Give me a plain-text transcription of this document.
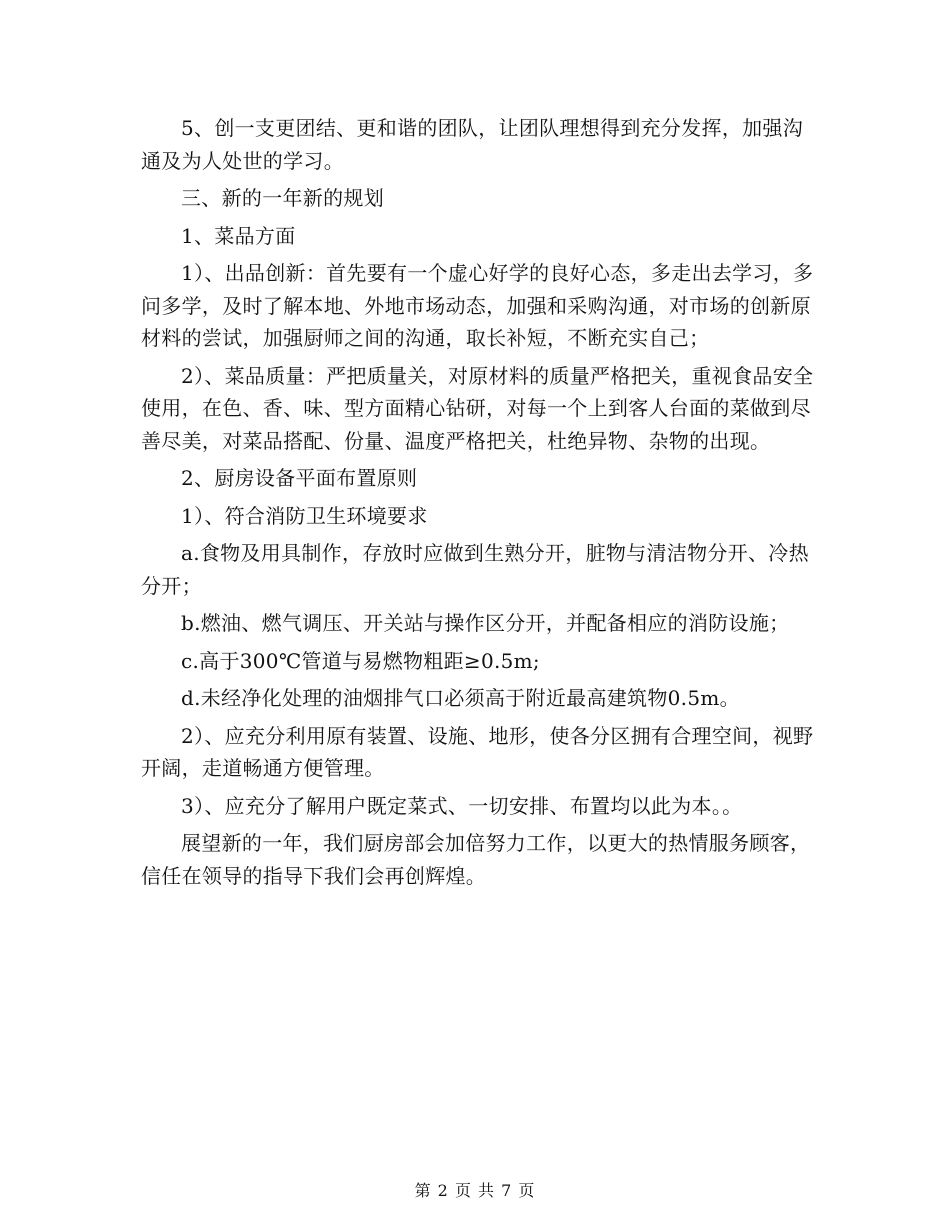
5、创一支更团结、更和谐的团队，让团队理想得到充分发挥，加强沟通及为人处世的学习。

三、新的一年新的规划

1、菜品方面

1）、出品创新：首先要有一个虚心好学的良好心态，多走出去学习，多问多学，及时了解本地、外地市场动态，加强和采购沟通，对市场的创新原材料的尝试，加强厨师之间的沟通，取长补短，不断充实自己；

2）、菜品质量：严把质量关，对原材料的质量严格把关，重视食品安全使用，在色、香、味、型方面精心钻研，对每一个上到客人台面的菜做到尽善尽美，对菜品搭配、份量、温度严格把关，杜绝异物、杂物的出现。

2、厨房设备平面布置原则

1）、符合消防卫生环境要求

a.食物及用具制作，存放时应做到生熟分开，脏物与清洁物分开、冷热分开；

b.燃油、燃气调压、开关站与操作区分开，并配备相应的消防设施；

c.高于300℃管道与易燃物粗距≥0.5m;

d.未经净化处理的油烟排气口必须高于附近最高建筑物0.5m。

2）、应充分利用原有装置、设施、地形，使各分区拥有合理空间，视野开阔，走道畅通方便管理。

3）、应充分了解用户既定菜式、一切安排、布置均以此为本。。

展望新的一年，我们厨房部会加倍努力工作，以更大的热情服务顾客，信任在领导的指导下我们会再创辉煌。

第 2 页 共 7 页
